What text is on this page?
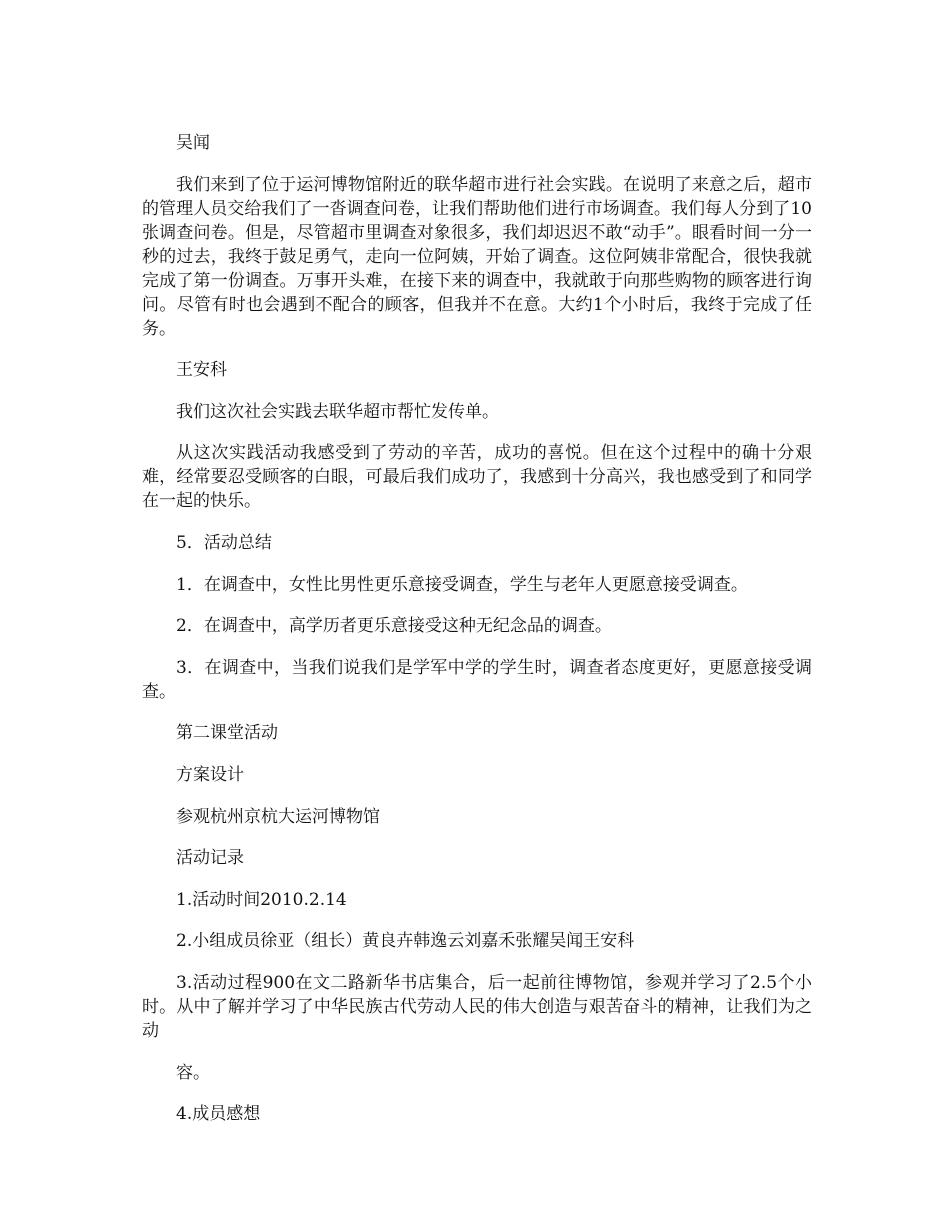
吴闻

我们来到了位于运河博物馆附近的联华超市进行社会实践。在说明了来意之后，超市的管理人员交给我们了一沓调查问卷，让我们帮助他们进行市场调查。我们每人分到了10张调查问卷。但是，尽管超市里调查对象很多，我们却迟迟不敢“动手”。眼看时间一分一秒的过去，我终于鼓足勇气，走向一位阿姨，开始了调查。这位阿姨非常配合，很快我就完成了第一份调查。万事开头难，在接下来的调查中，我就敢于向那些购物的顾客进行询问。尽管有时也会遇到不配合的顾客，但我并不在意。大约1个小时后，我终于完成了任务。

王安科

我们这次社会实践去联华超市帮忙发传单。

从这次实践活动我感受到了劳动的辛苦，成功的喜悦。但在这个过程中的确十分艰难，经常要忍受顾客的白眼，可最后我们成功了，我感到十分高兴，我也感受到了和同学在一起的快乐。

5．活动总结

1．在调查中，女性比男性更乐意接受调查，学生与老年人更愿意接受调查。

2．在调查中，高学历者更乐意接受这种无纪念品的调查。

3．在调查中，当我们说我们是学军中学的学生时，调查者态度更好，更愿意接受调查。

第二课堂活动

方案设计

参观杭州京杭大运河博物馆

活动记录

1.活动时间2010.2.14

2.小组成员徐亚（组长）黄良卉韩逸云刘嘉禾张耀吴闻王安科

3.活动过程900在文二路新华书店集合，后一起前往博物馆，参观并学习了2.5个小时。从中了解并学习了中华民族古代劳动人民的伟大创造与艰苦奋斗的精神，让我们为之动

容。

4.成员感想
